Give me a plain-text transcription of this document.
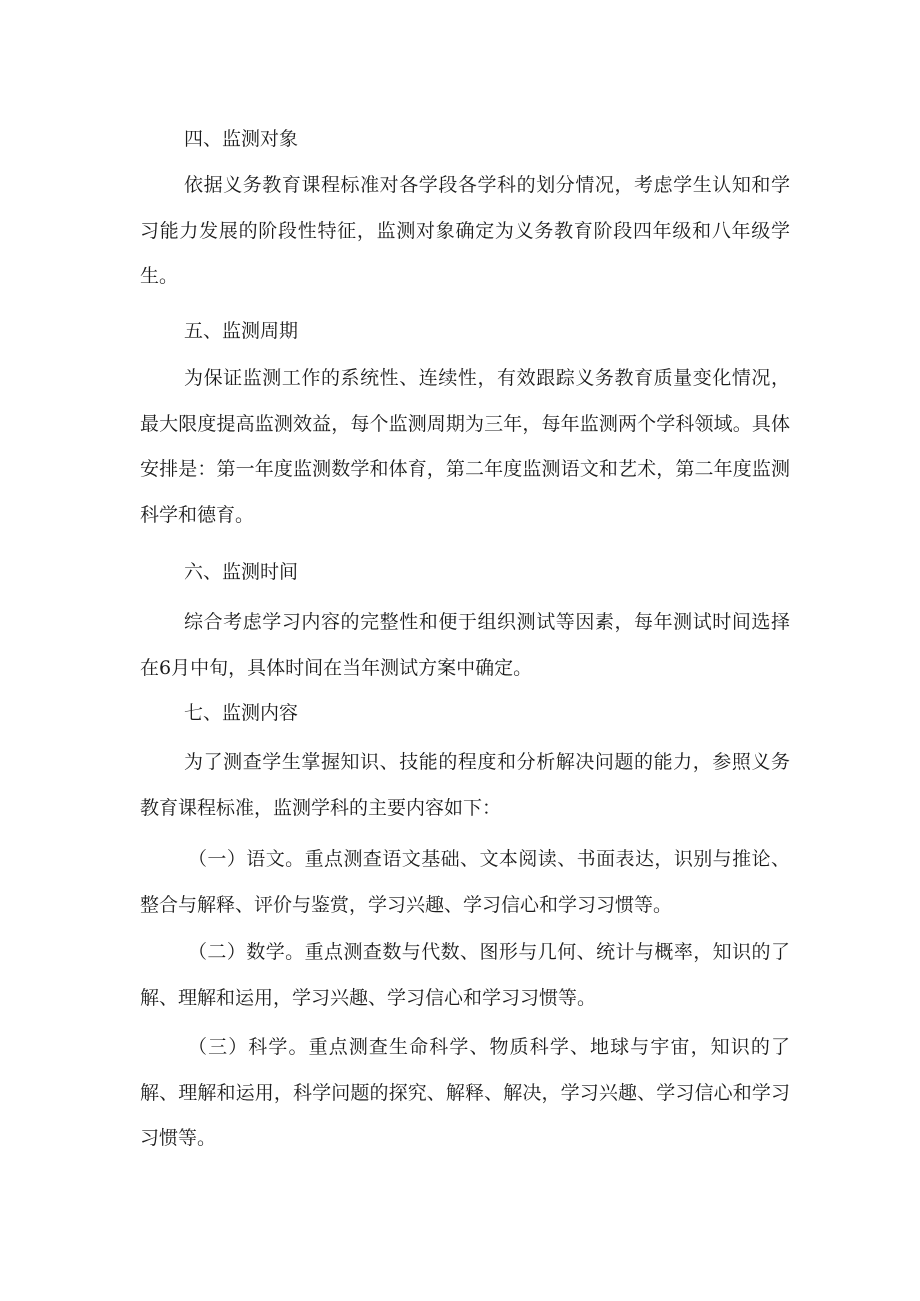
四、监测对象
依据义务教育课程标准对各学段各学科的划分情况，考虑学生认知和学习能力发展的阶段性特征，监测对象确定为义务教育阶段四年级和八年级学生。
五、监测周期
为保证监测工作的系统性、连续性，有效跟踪义务教育质量变化情况，最大限度提高监测效益，每个监测周期为三年，每年监测两个学科领域。具体安排是：第一年度监测数学和体育，第二年度监测语文和艺术，第二年度监测科学和德育。
六、监测时间
综合考虑学习内容的完整性和便于组织测试等因素，每年测试时间选择在6月中旬，具体时间在当年测试方案中确定。
七、监测内容
为了测查学生掌握知识、技能的程度和分析解决问题的能力，参照义务教育课程标准，监测学科的主要内容如下：
（一）语文。重点测查语文基础、文本阅读、书面表达，识别与推论、整合与解释、评价与鉴赏，学习兴趣、学习信心和学习习惯等。
（二）数学。重点测查数与代数、图形与几何、统计与概率，知识的了解、理解和运用，学习兴趣、学习信心和学习习惯等。
（三）科学。重点测查生命科学、物质科学、地球与宇宙，知识的了解、理解和运用，科学问题的探究、解释、解决，学习兴趣、学习信心和学习习惯等。
